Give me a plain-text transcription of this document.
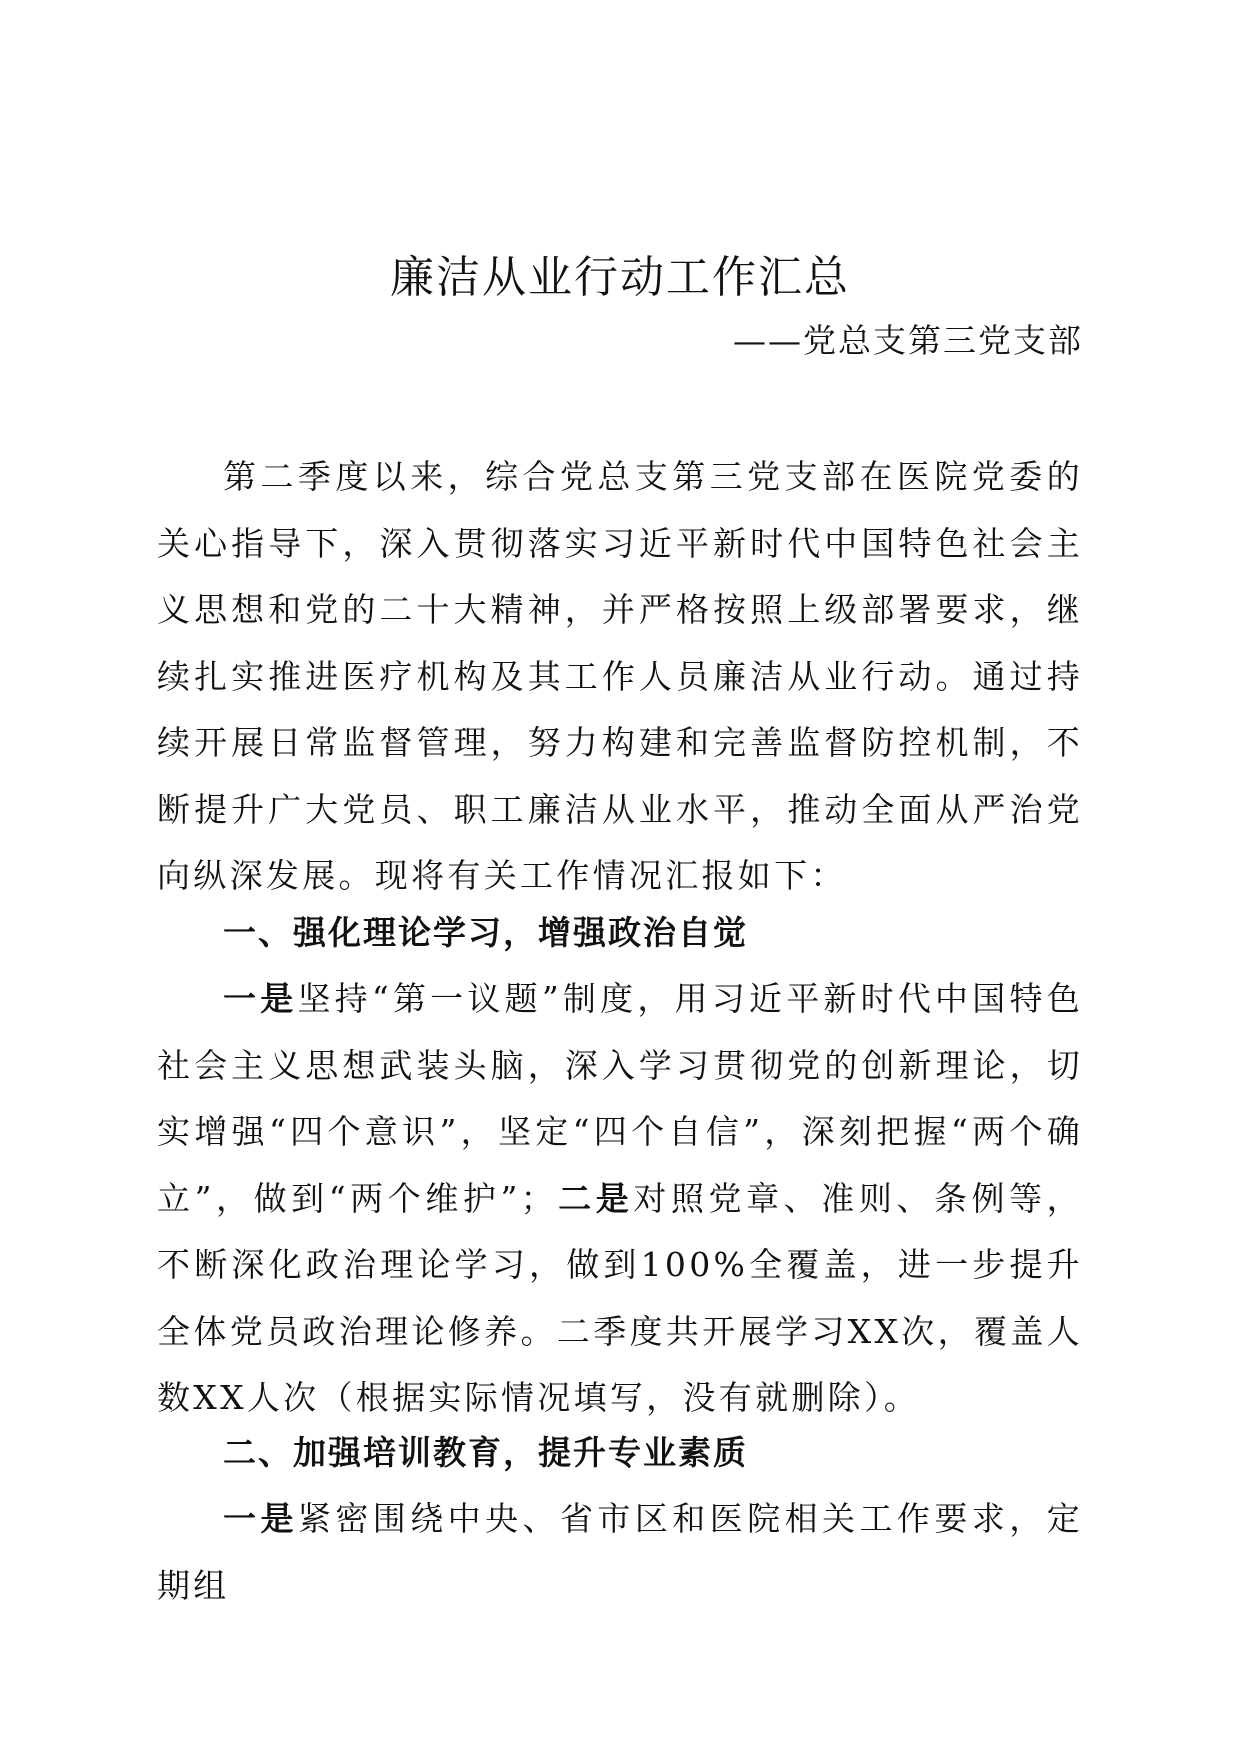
廉洁从业行动工作汇总
——党总支第三党支部
第二季度以来，综合党总支第三党支部在医院党委的关心指导下，深入贯彻落实习近平新时代中国特色社会主义思想和党的二十大精神，并严格按照上级部署要求，继续扎实推进医疗机构及其工作人员廉洁从业行动。通过持续开展日常监督管理，努力构建和完善监督防控机制，不断提升广大党员、职工廉洁从业水平，推动全面从严治党向纵深发展。现将有关工作情况汇报如下：
一、强化理论学习，增强政治自觉
一是坚持“第一议题”制度，用习近平新时代中国特色社会主义思想武装头脑，深入学习贯彻党的创新理论，切实增强“四个意识”，坚定“四个自信”，深刻把握“两个确立”，做到“两个维护”；二是对照党章、准则、条例等，不断深化政治理论学习，做到100%全覆盖，进一步提升全体党员政治理论修养。二季度共开展学习XX次，覆盖人数XX人次（根据实际情况填写，没有就删除）。
二、加强培训教育，提升专业素质
一是紧密围绕中央、省市区和医院相关工作要求，定期组
